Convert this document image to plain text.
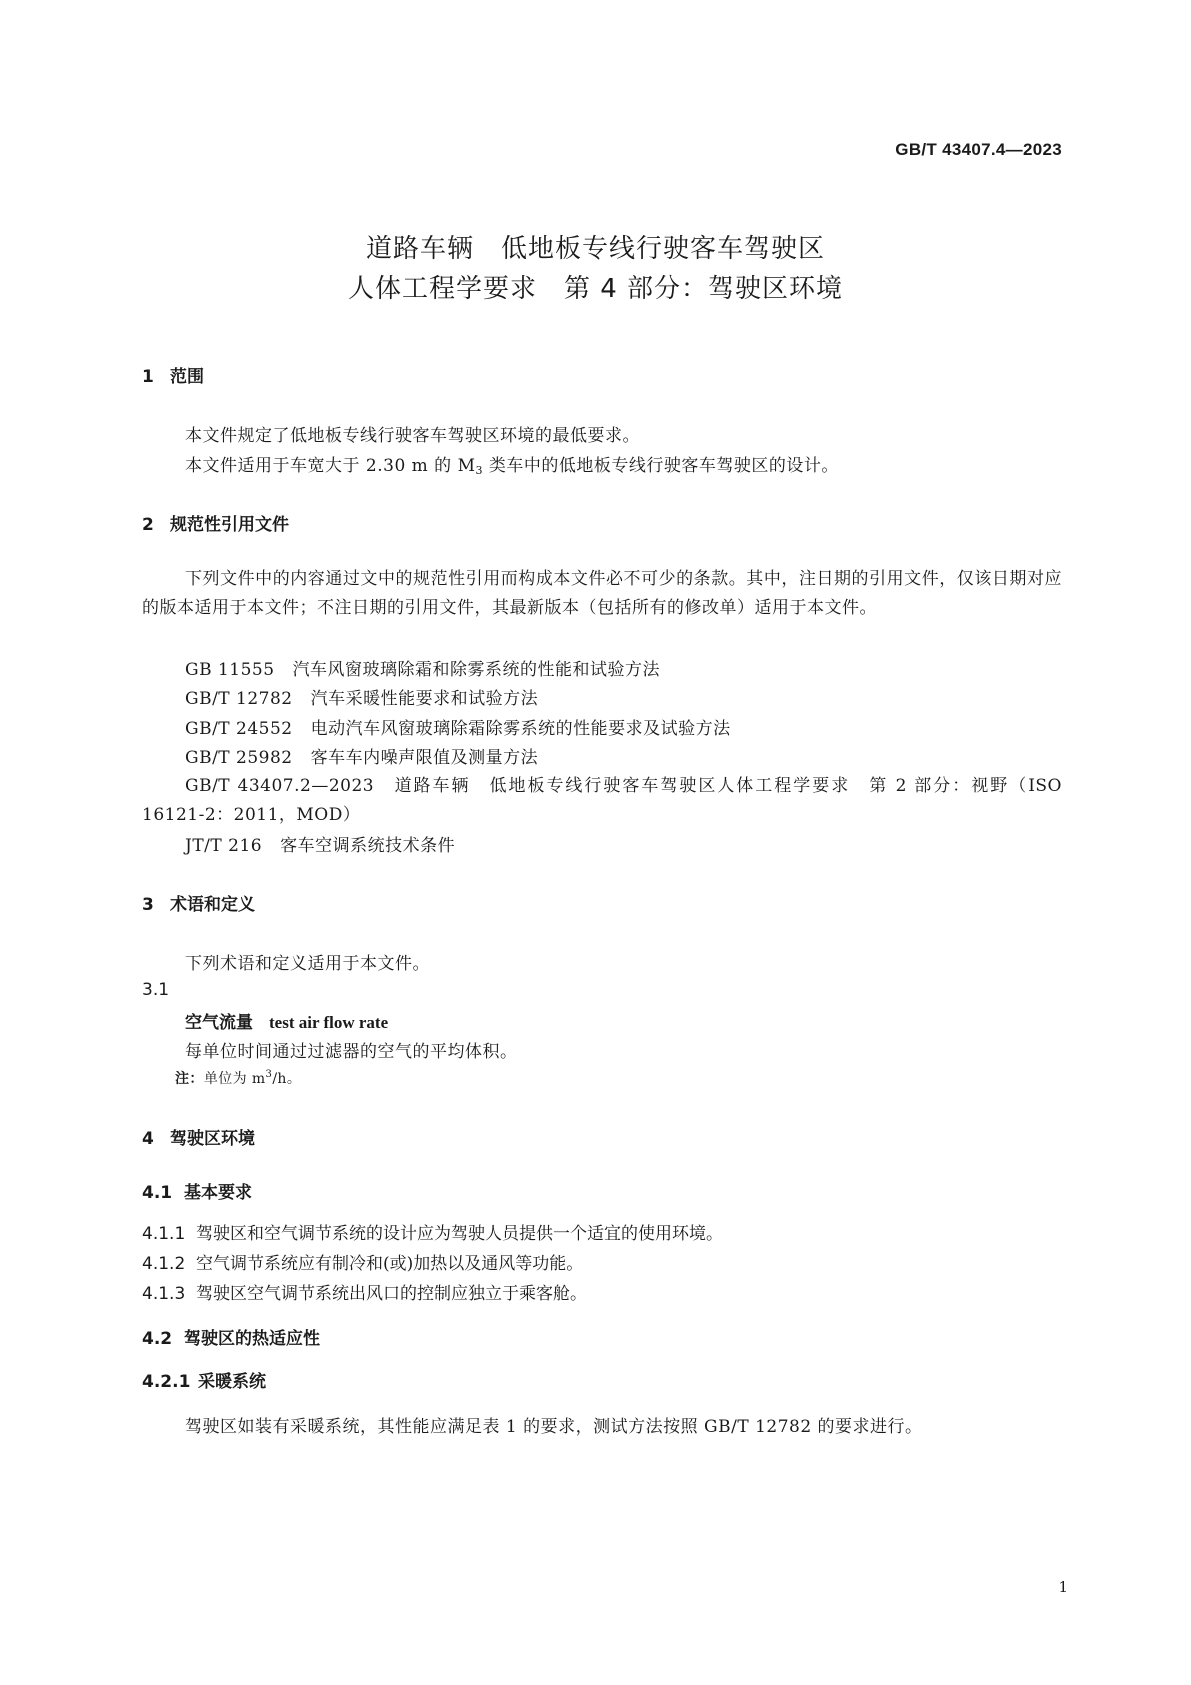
GB/T 43407.4—2023
道路车辆　低地板专线行驶客车驾驶区
人体工程学要求　第 4 部分：驾驶区环境
1 范围
本文件规定了低地板专线行驶客车驾驶区环境的最低要求。
本文件适用于车宽大于 2.30 m 的 $M_3$ 类车中的低地板专线行驶客车驾驶区的设计。
2 规范性引用文件
下列文件中的内容通过文中的规范性引用而构成本文件必不可少的条款。其中，注日期的引用文件，仅该日期对应的版本适用于本文件；不注日期的引用文件，其最新版本（包括所有的修改单）适用于本文件。
GB 11555 汽车风窗玻璃除霜和除雾系统的性能和试验方法
GB/T 12782 汽车采暖性能要求和试验方法
GB/T 24552 电动汽车风窗玻璃除霜除雾系统的性能要求及试验方法
GB/T 25982 客车车内噪声限值及测量方法
GB/T 43407.2—2023　道路车辆　低地板专线行驶客车驾驶区人体工程学要求　第 2 部分：视野（ISO 16121-2：2011，MOD）
JT/T 216 客车空调系统技术条件
3 术语和定义
下列术语和定义适用于本文件。
3.1
空气流量 test air flow rate
每单位时间通过过滤器的空气的平均体积。
注：单位为 $m^3/h$。
4 驾驶区环境
4.1 基本要求
4.1.1 驾驶区和空气调节系统的设计应为驾驶人员提供一个适宜的使用环境。
4.1.2 空气调节系统应有制冷和(或)加热以及通风等功能。
4.1.3 驾驶区空气调节系统出风口的控制应独立于乘客舱。
4.2 驾驶区的热适应性
4.2.1 采暖系统
驾驶区如装有采暖系统，其性能应满足表 1 的要求，测试方法按照 GB/T 12782 的要求进行。
1
